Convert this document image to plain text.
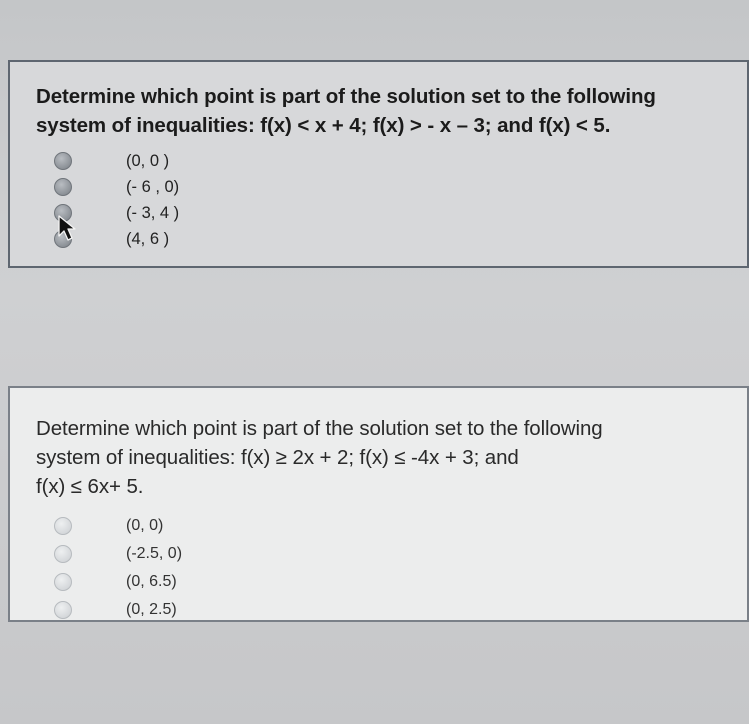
Determine which point is part of the solution set to the following
system of inequalities: f(x) < x + 4; f(x) > - x – 3; and f(x) < 5.

(0, 0 )
(- 6 , 0)
(- 3, 4 )
(4, 6 )

Determine which point is part of the solution set to the following
system of inequalities: f(x) ≥ 2x + 2; f(x) ≤ -4x + 3; and
f(x) ≤ 6x+ 5.

(0, 0)
(-2.5, 0)
(0, 6.5)
(0, 2.5)
